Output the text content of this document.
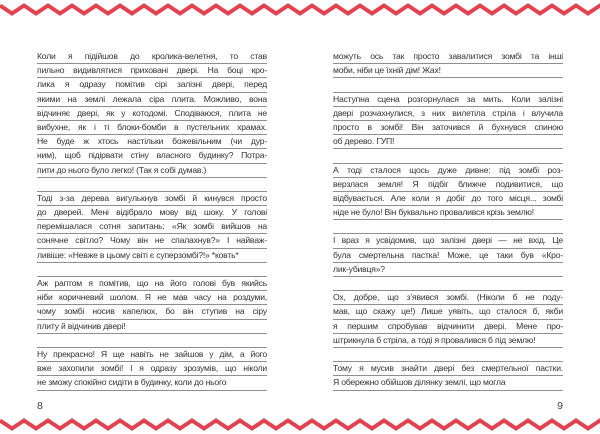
Коли я підійшов до кролика-велетня, то став
пильно видивлятися приховані двері. На боці кро-
лика я одразу помітив сірі залізні двері, перед
якими на землі лежала сіра плита. Можливо, вона
відчиняє двері, як у котодомі. Сподіваюся, плита не
вибухне, як і ті блоки-бомби в пустельних храмах.
Не буде ж хтось настільки божевільним (чи дур-
ним), щоб підірвати стіну власного будинку? Потра-
пити до нього було легко! (Так я собі думав.)
Тоді з-за дерева вигулькнув зомбі й кинувся просто
до дверей. Мені відібрало мову від шоку. У голові
перемішалася сотня запитань: «Як зомбі вийшов на
сонячне світло? Чому він не спалахнув?» І найваж-
ливіше: «Невже в цьому світі є суперзомбі?!» *ковть*
Аж раптом я помітив, що на його голові був якийсь
ніби коричневий шолом. Я не мав часу на роздуми,
чому зомбі носив капелюх, бо він ступив на сіру
плиту й відчинив двері!
Ну прекрасно! Я ще навіть не зайшов у дім, а його
вже захопили зомбі! І я одразу зрозумів, що ніколи
не зможу спокійно сидіти в будинку, коли до нього
можуть ось так просто завалитися зомбі та інші
моби, ніби це їхній дім! Жах!
Наступна сцена розгорнулася за мить. Коли залізні
двері розчахнулися, з них вилетіла стріла і влучила
просто в зомбі! Він заточився й бухнувся спиною
об дерево. ГУП!
А тоді сталося щось дуже дивне: під зомбі роз-
верзлася земля! Я підбіг ближче подивитися, що
відбувається. Але коли я добіг до того місця... зомбі
ніде не було! Він буквально провалився крізь землю!
І враз я усвідомив, що залізні двері — не вхід. Це
була смертельна пастка! Може, це таки був «Кро-
лик-убивця»?
Ох, добре, що з’явився зомбі. (Ніколи б не поду-
мав, що скажу це!) Лише уявіть, що сталося б, якби
я першим спробував відчинити двері. Мене про-
штрикнула б стріла, а тоді я провалився б під землю!
Тому я мусив знайти двері без смертельної пастки.
Я обережно обійшов ділянку землі, що могла
8	9
